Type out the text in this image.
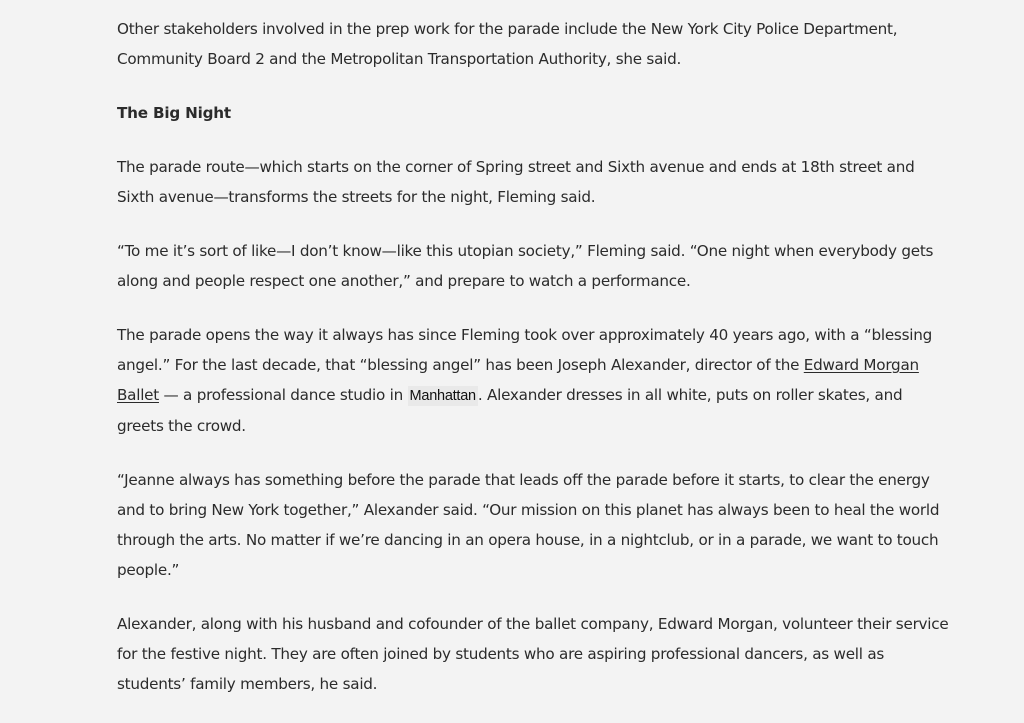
Other stakeholders involved in the prep work for the parade include the New York City Police Department, Community Board 2 and the Metropolitan Transportation Authority, she said.

The Big Night

The parade route—which starts on the corner of Spring street and Sixth avenue and ends at 18th street and Sixth avenue—transforms the streets for the night, Fleming said.

“To me it’s sort of like—I don’t know—like this utopian society,” Fleming said. “One night when everybody gets along and people respect one another,” and prepare to watch a performance.

The parade opens the way it always has since Fleming took over approximately 40 years ago, with a “blessing angel.” For the last decade, that “blessing angel” has been Joseph Alexander, director of the Edward Morgan Ballet — a professional dance studio in Manhattan . Alexander dresses in all white, puts on roller skates, and greets the crowd.

“Jeanne always has something before the parade that leads off the parade before it starts, to clear the energy and to bring New York together,” Alexander said. “Our mission on this planet has always been to heal the world through the arts. No matter if we’re dancing in an opera house, in a nightclub, or in a parade, we want to touch people.”

Alexander, along with his husband and cofounder of the ballet company, Edward Morgan, volunteer their service for the festive night. They are often joined by students who are aspiring professional dancers, as well as students’ family members, he said.
